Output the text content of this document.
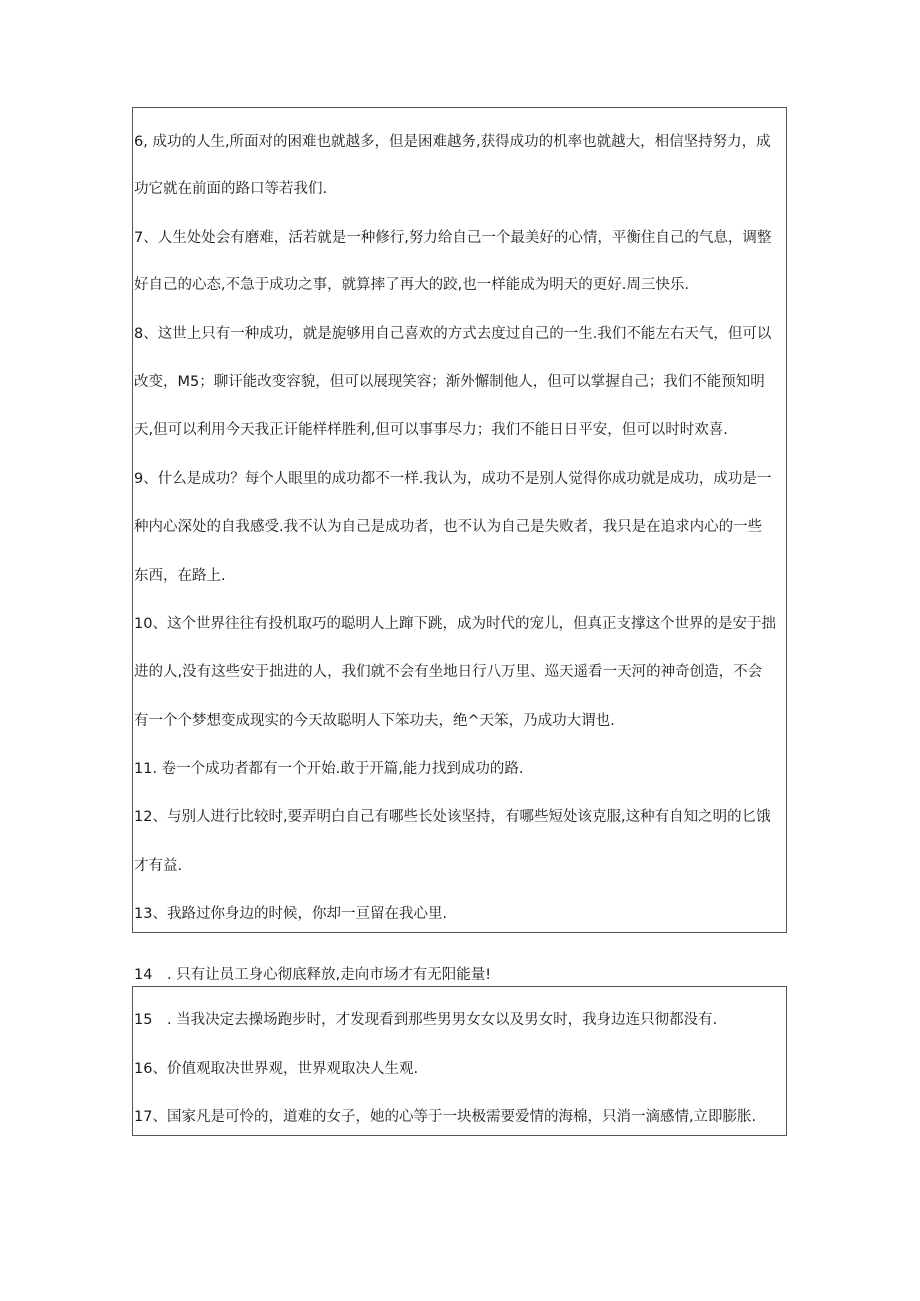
6, 成功的人生,所面对的困难也就越多，但是困难越务,获得成功的机率也就越大，相信坚持努力，成
功它就在前面的路口等若我们.
7、人生处处会有磨难，活若就是一种修行,努力给自己一个最美好的心情，平衡住自己的气息，调整
好自己的心态,不急于成功之事，就算摔了再大的跤,也一样能成为明天的更好.周三快乐.
8、这世上只有一种成功，就是旎够用自己喜欢的方式去度过自己的一生.我们不能左右天气，但可以
改变，M5；聊讦能改变容貌，但可以展现笑容；渐外懈制他人，但可以掌握自己；我们不能预知明
天,但可以利用今天我正讦能样样胜利,但可以事事尽力；我们不能日日平安，但可以时时欢喜.
9、什么是成功？每个人眼里的成功都不一样.我认为，成功不是别人觉得你成功就是成功，成功是一
种内心深处的自我感受.我不认为自己是成功者，也不认为自己是失败者，我只是在追求内心的一些
东西，在路上.
10、这个世界往往有投机取巧的聪明人上蹿下跳，成为时代的宠儿，但真正支撑这个世界的是安于拙
进的人,没有这些安于拙进的人，我们就不会有坐地日行八万里、巡天遥看一天河的神奇创造，不会
有一个个梦想变成现实的今天故聪明人下笨功夫，绝^天笨，乃成功大谓也.
11. 卷一个成功者都有一个开始.敢于开篇,能力找到成功的路.
12、与别人进行比较时,要弄明白自己有哪些长处该坚持，有哪些短处该克服,这种有自知之明的匕饿
才有益.
13、我路过你身边的时候，你却一亘留在我心里.
14　. 只有让员工身心彻底释放,走向市场才有无阳能量!
15　. 当我决定去操场跑步时，才发现看到那些男男女女以及男女时，我身边连只彻都没有.
16、价值观取决世界观，世界观取决人生观.
17、国家凡是可怜的，道难的女子，她的心等于一块极需要爱情的海棉，只消一滴感情,立即膨胀.
